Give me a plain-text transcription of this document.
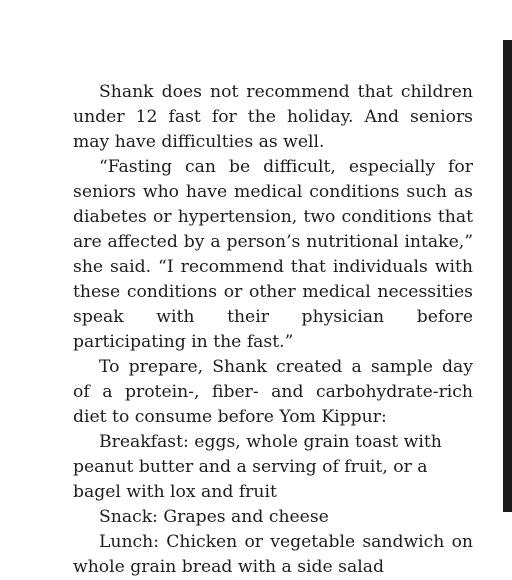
Shank does not recommend that children under 12 fast for the holiday. And seniors may have difficulties as well.

“Fasting can be difficult, especially for seniors who have medical conditions such as diabetes or hypertension, two conditions that are affected by a person’s nutritional intake,” she said. “I recommend that individuals with these conditions or other medical necessities speak with their physician before participating in the fast.”

To prepare, Shank created a sample day of a protein-, fiber- and carbohydrate-rich diet to consume before Yom Kippur:

Breakfast: eggs, whole grain toast with peanut butter and a serving of fruit, or a bagel with lox and fruit

Snack: Grapes and cheese

Lunch: Chicken or vegetable sandwich on whole grain bread with a side salad
